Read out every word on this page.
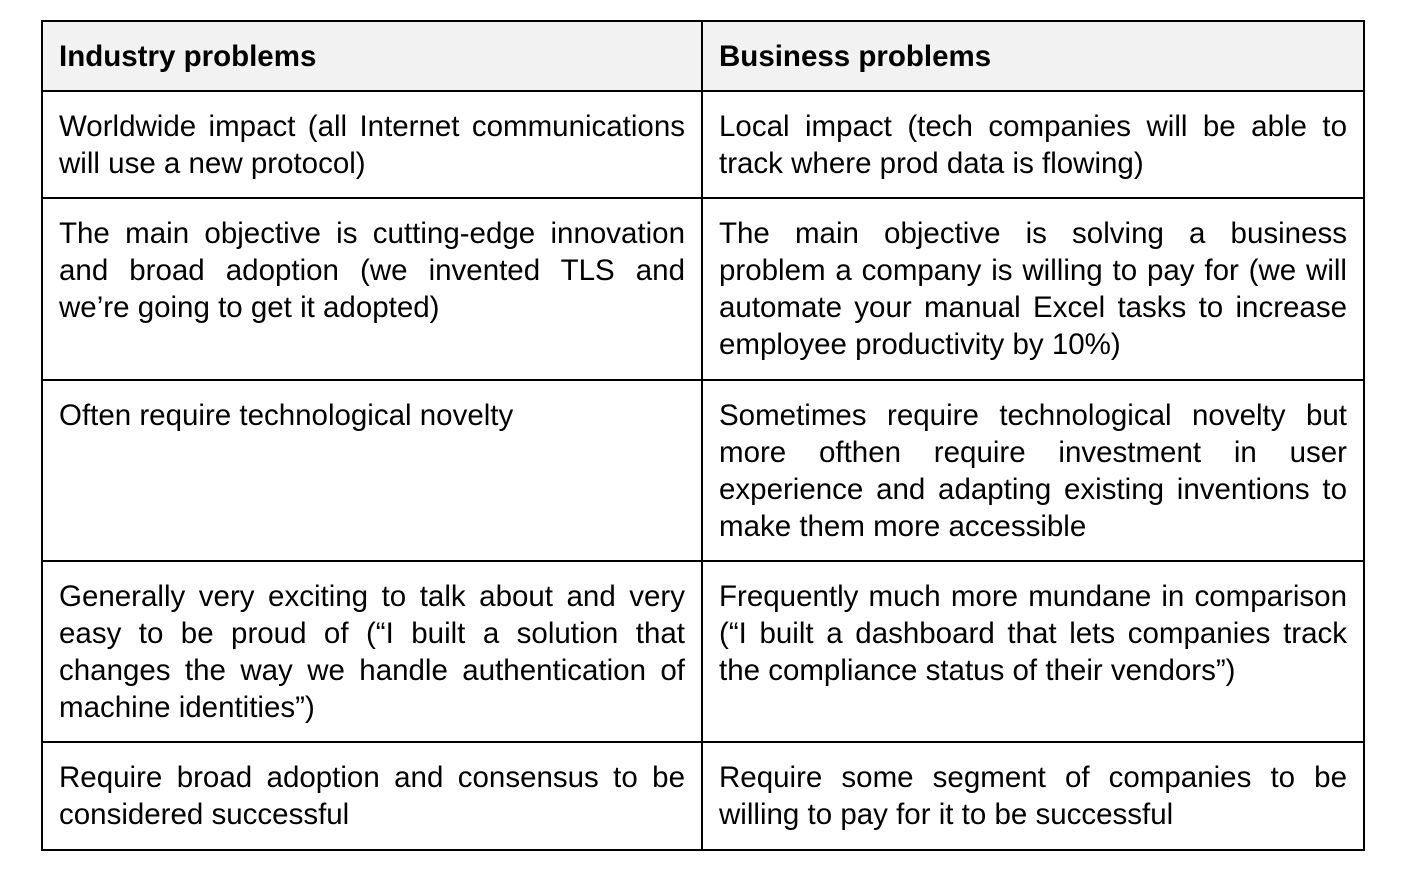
Industry problems	Business problems
Worldwide impact (all Internet communications will use a new protocol)	Local impact (tech companies will be able to track where prod data is flowing)
The main objective is cutting-edge innovation and broad adoption (we invented TLS and we’re going to get it adopted)	The main objective is solving a business problem a company is willing to pay for (we will automate your manual Excel tasks to increase employee productivity by 10%)
Often require technological novelty	Sometimes require technological novelty but more ofthen require investment in user experience and adapting existing inventions to make them more accessible
Generally very exciting to talk about and very easy to be proud of (“I built a solution that changes the way we handle authentication of machine identities”)	Frequently much more mundane in comparison (“I built a dashboard that lets companies track the compliance status of their vendors”)
Require broad adoption and consensus to be considered successful	Require some segment of companies to be willing to pay for it to be successful
